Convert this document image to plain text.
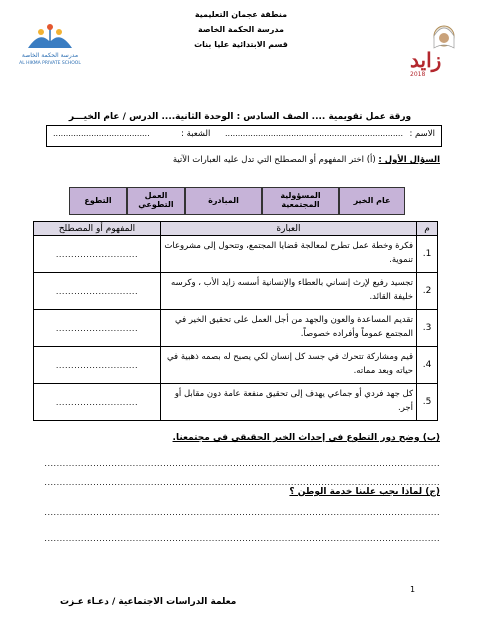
منطقة عجمان التعليمية
مدرسة الحكمة الخاصة
قسم الابتدائية عليا بنات
زايد
2018
مدرسة الحكمة الخاصة
AL HIKMA PRIVATE SCHOOL
ورقة عمل تقويمية .... الصف السادس : الوحدة الثانية.... الدرس / عام الخيـــر
الاسم :
......................................................................
الشعبة :
......................................
السؤال الأول : (أ) اختر المفهوم أو المصطلح التي تدل عليه العبارات الآتية
عام الخير
المسؤولية المجتمعية
المبادرة
العمل التطوعي
التطوع
م	العبارة	المفهوم أو المصطلح
1.	فكرة وخطة عمل تطرح لمعالجة قضايا المجتمع، وتتحول إلى مشروعات تنموية.	...........................
2.	تجسيد رفيع لإرث إنساني بالعطاء والإنسانية أسسه زايد الأب ، وكرسه خليفة القائد.	...........................
3.	تقديم المساعدة والعون والجهد من أجل العمل على تحقيق الخير في المجتمع عموماً وأفراده خصوصاً.	...........................
4.	قيم ومشاركة تتحرك في جسد كل إنسان لكي يصبح له بصمه ذهبية في حياته وبعد مماته.	...........................
5.	كل جهد فردي أو جماعي يهدف إلى تحقيق منفعة عامة دون مقابل أو أجر.	...........................
(ب) وضح دور التطوع في إحداث الخير الحقيقي في مجتمعنا.
..................................................................................................................................
..................................................................................................................................
(ج) لماذا يجب علينا خدمة الوطن ؟
..................................................................................................................................
..................................................................................................................................
1
معلمة الدراسات الاجتماعية / دعـاء عـزت
